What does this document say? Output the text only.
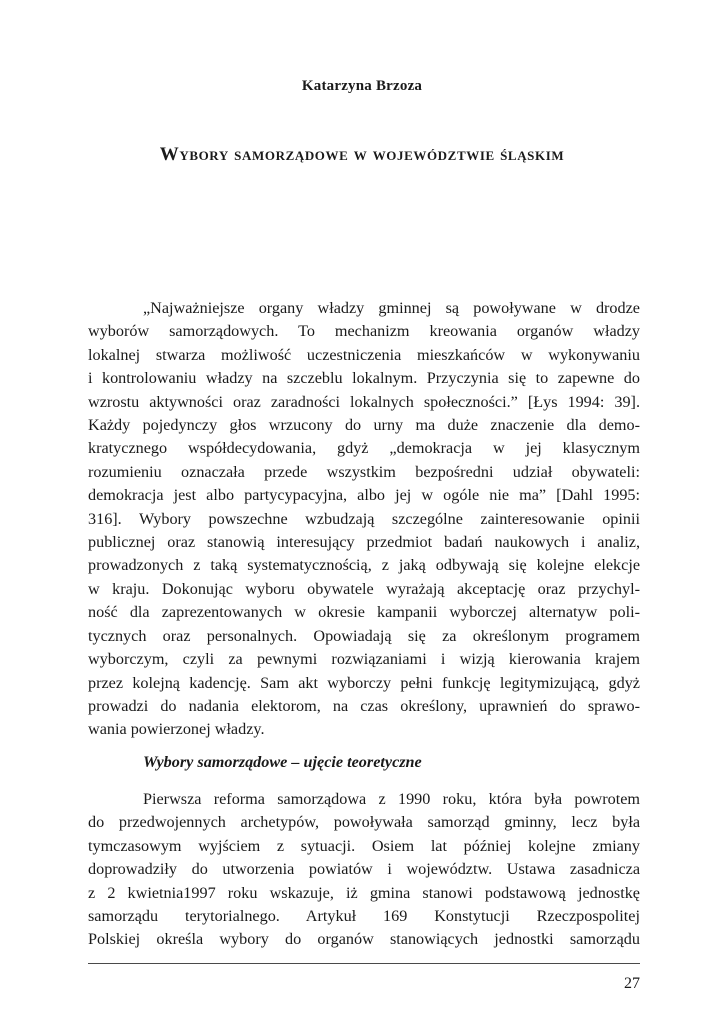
Katarzyna Brzoza
Wybory samorządowe w województwie śląskim
„Najważniejsze organy władzy gminnej są powoływane w drodze
wyborów samorządowych. To mechanizm kreowania organów władzy
lokalnej stwarza możliwość uczestniczenia mieszkańców w wykonywaniu
i kontrolowaniu władzy na szczeblu lokalnym. Przyczynia się to zapewne do
wzrostu aktywności oraz zaradności lokalnych społeczności.” [Łys 1994: 39].
Każdy pojedynczy głos wrzucony do urny ma duże znaczenie dla demo-
kratycznego współdecydowania, gdyż „demokracja w jej klasycznym
rozumieniu oznaczała przede wszystkim bezpośredni udział obywateli:
demokracja jest albo partycypacyjna, albo jej w ogóle nie ma” [Dahl 1995:
316]. Wybory powszechne wzbudzają szczególne zainteresowanie opinii
publicznej oraz stanowią interesujący przedmiot badań naukowych i analiz,
prowadzonych z taką systematycznością, z jaką odbywają się kolejne elekcje
w kraju. Dokonując wyboru obywatele wyrażają akceptację oraz przychyl-
ność dla zaprezentowanych w okresie kampanii wyborczej alternatyw poli-
tycznych oraz personalnych. Opowiadają się za określonym programem
wyborczym, czyli za pewnymi rozwiązaniami i wizją kierowania krajem
przez kolejną kadencję. Sam akt wyborczy pełni funkcję legitymizującą, gdyż
prowadzi do nadania elektorom, na czas określony, uprawnień do sprawo-
wania powierzonej władzy.
Wybory samorządowe – ujęcie teoretyczne
Pierwsza reforma samorządowa z 1990 roku, która była powrotem
do przedwojennych archetypów, powoływała samorząd gminny, lecz była
tymczasowym wyjściem z sytuacji. Osiem lat później kolejne zmiany
doprowadziły do utworzenia powiatów i województw. Ustawa zasadnicza
z 2 kwietnia1997 roku wskazuje, iż gmina stanowi podstawową jednostkę
samorządu terytorialnego. Artykuł 169 Konstytucji Rzeczpospolitej
Polskiej określa wybory do organów stanowiących jednostki samorządu
27
